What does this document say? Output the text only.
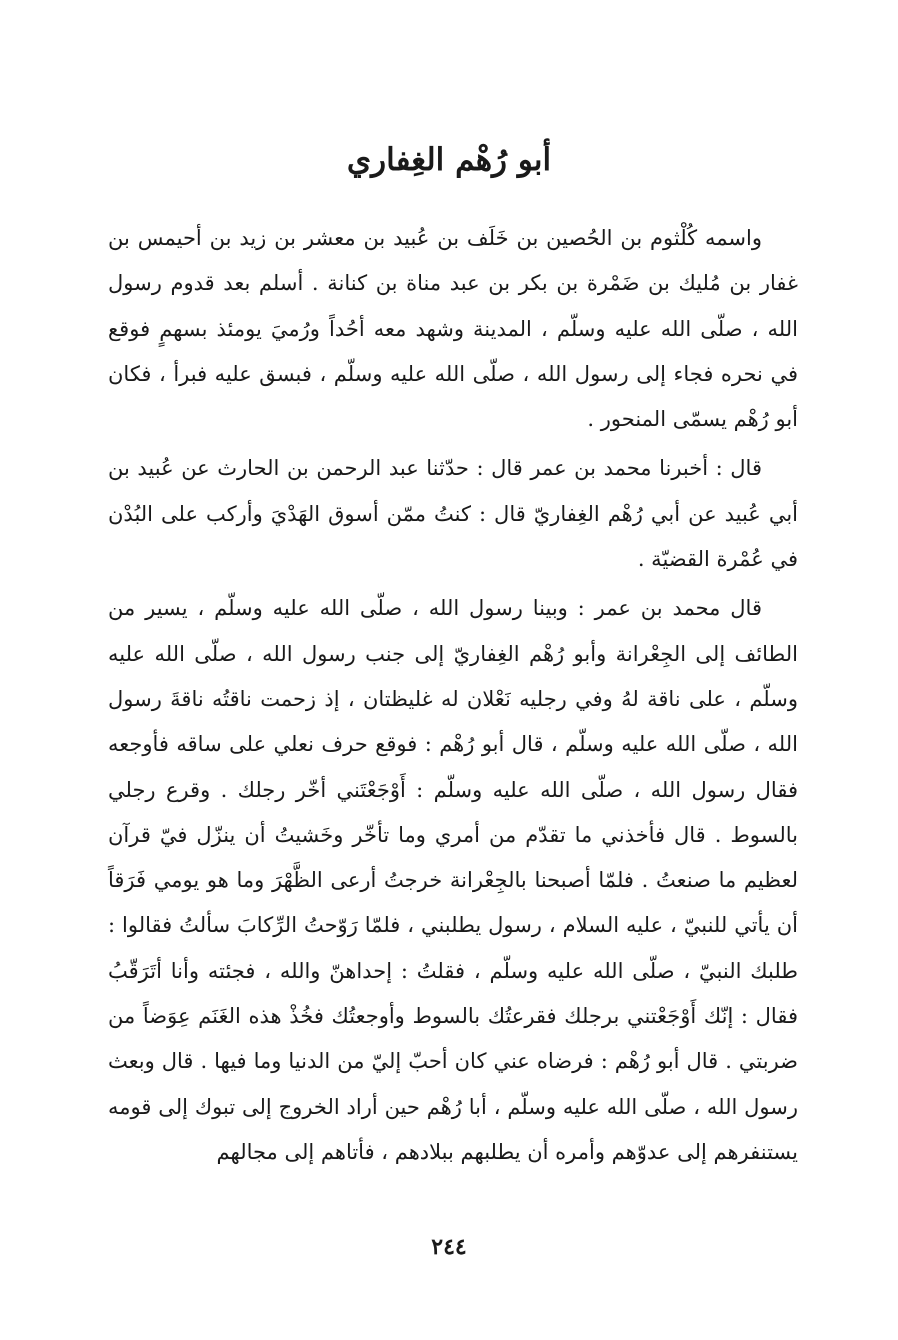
أبو رُهْم الغِفاري

واسمه كُلْثوم بن الحُصين بن خَلَف بن عُبيد بن معشر بن زيد بن أحيمس بن غفار بن مُليك بن ضَمْرة بن بكر بن عبد مناة بن كنانة . أسلم بعد قدوم رسول الله ، صلّى الله عليه وسلّم ، المدينة وشهد معه أحُداً ورُميَ يومئذ بسهمٍ فوقع في نحره فجاء إلى رسول الله ، صلّى الله عليه وسلّم ، فبسق عليه فبرأ ، فكان أبو رُهْم يسمّى المنحور .

قال : أخبرنا محمد بن عمر قال : حدّثنا عبد الرحمن بن الحارث عن عُبيد بن أبي عُبيد عن أبي رُهْم الغِفاريّ قال : كنتُ ممّن أسوق الهَدْيَ وأركب على البُدْن في عُمْرة القضيّة .

قال محمد بن عمر : وبينا رسول الله ، صلّى الله عليه وسلّم ، يسير من الطائف إلى الجِعْرانة وأبو رُهْم الغِفاريّ إلى جنب رسول الله ، صلّى الله عليه وسلّم ، على ناقة لهُ وفي رجليه نَعْلان له غليظتان ، إذ زحمت ناقتُه ناقةَ رسول الله ، صلّى الله عليه وسلّم ، قال أبو رُهْم : فوقع حرف نعلي على ساقه فأوجعه فقال رسول الله ، صلّى الله عليه وسلّم : أَوْجَعْتَني أخّر رجلك . وقرع رجلي بالسوط . قال فأخذني ما تقدّم من أمري وما تأخّر وخَشيتُ أن ينزّل فيّ قرآن لعظيم ما صنعتُ . فلمّا أصبحنا بالجِعْرانة خرجتُ أرعى الظَّهْرَ وما هو يومي فَرَقاً أن يأتي للنبيّ ، عليه السلام ، رسول يطلبني ، فلمّا رَوّحتُ الرِّكابَ سألتُ فقالوا : طلبك النبيّ ، صلّى الله عليه وسلّم ، فقلتُ : إحداهنّ والله ، فجئته وأنا أتَرَقّبُ فقال : إنّك أَوْجَعْتني برجلك فقرعتُك بالسوط وأوجعتُك فخُذْ هذه الغَنَم عِوَضاً من ضربتي . قال أبو رُهْم : فرضاه عني كان أحبّ إليّ من الدنيا وما فيها . قال وبعث رسول الله ، صلّى الله عليه وسلّم ، أبا رُهْم حين أراد الخروج إلى تبوك إلى قومه يستنفرهم إلى عدوّهم وأمره أن يطلبهم ببلادهم ، فأتاهم إلى مجالهم

٢٤٤
